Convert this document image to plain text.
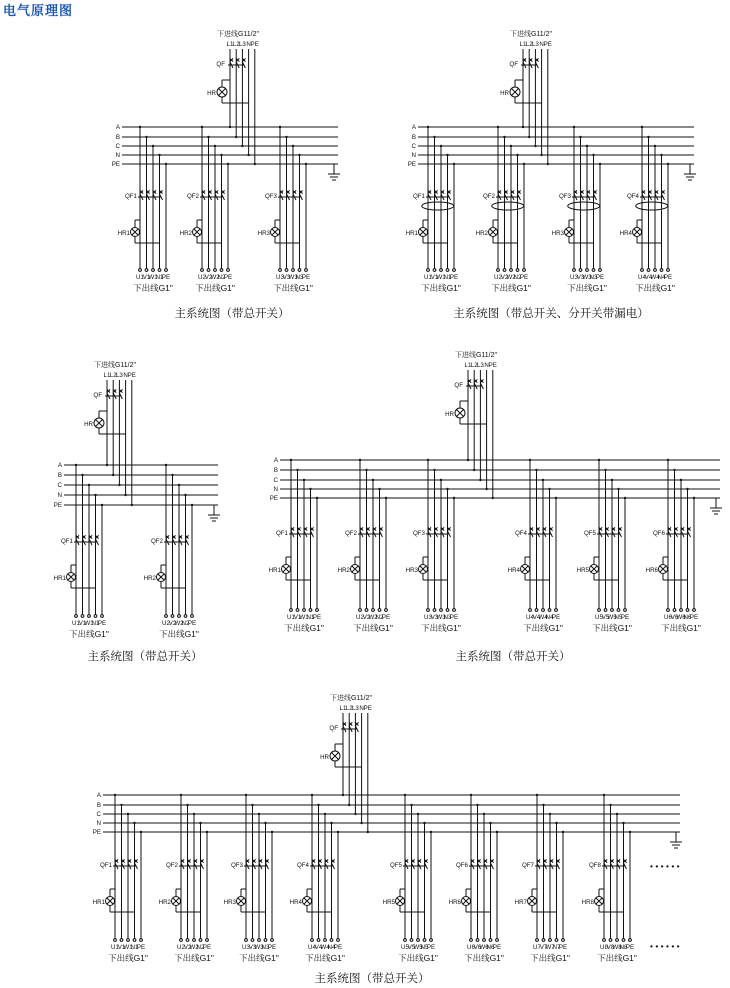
电气原理图
下进线G11/2"
L1 L2 L3 N PE
QF
HR
A
B
C
N
PE
U1
V1
W1
N1
PE
QF1
HR1
下出线G1"
U2
V2
W2
N2
PE
QF2
HR2
下出线G1"
U3
V3
W3
N3
PE
QF3
HR3
下出线G1"
主系统图（带总开关）
下进线G11/2"
L1 L2 L3 N PE
QF
HR
A
B
C
N
PE
U1
V1
W1
N1
PE
QF1
HR1
下出线G1"
U2
V2
W2
N2
PE
QF2
HR2
下出线G1"
U3
V3
W3
N3
PE
QF3
HR3
下出线G1"
U4
V4
W4
N4
PE
QF4
HR4
下出线G1"
主系统图（带总开关、分开关带漏电）
下进线G11/2"
L1 L2 L3 N PE
QF
HR
A
B
C
N
PE
U1
V1
W1
N1
PE
QF1
HR1
下出线G1"
U2
V2
W2
N2
PE
QF2
HR2
下出线G1"
主系统图（带总开关）
下进线G11/2"
L1 L2 L3 N PE
QF
HR
A
B
C
N
PE
U1
V1
W1
N1
PE
QF1
HR1
下出线G1"
U2
V2
W2
N2
PE
QF2
HR2
下出线G1"
U3
V3
W3
N3
PE
QF3
HR3
下出线G1"
U4
V4
W4
N4
PE
QF4
HR4
下出线G1"
U5
V5
W5
N5
PE
QF5
HR5
下出线G1"
U6
V6
W6
N6
PE
QF6
HR6
下出线G1"
主系统图（带总开关）
下进线G11/2"
L1 L2 L3 N PE
QF
HR
A
B
C
N
PE
U1
V1
W1
N1
PE
QF1
HR1
下出线G1"
U2
V2
W2
N2
PE
QF2
HR2
下出线G1"
U3
V3
W3
N3
PE
QF3
HR3
下出线G1"
U4
V4
W4
N4
PE
QF4
HR4
下出线G1"
U5
V5
W5
N5
PE
QF5
HR5
下出线G1"
U6
V6
W6
N6
PE
QF6
HR6
下出线G1"
U7
V7
W7
N7
PE
QF7
HR7
下出线G1"
U8
V8
W8
N8
PE
QF8
HR8
下出线G1"
• • • • • •
• • • • • •
主系统图（带总开关）
